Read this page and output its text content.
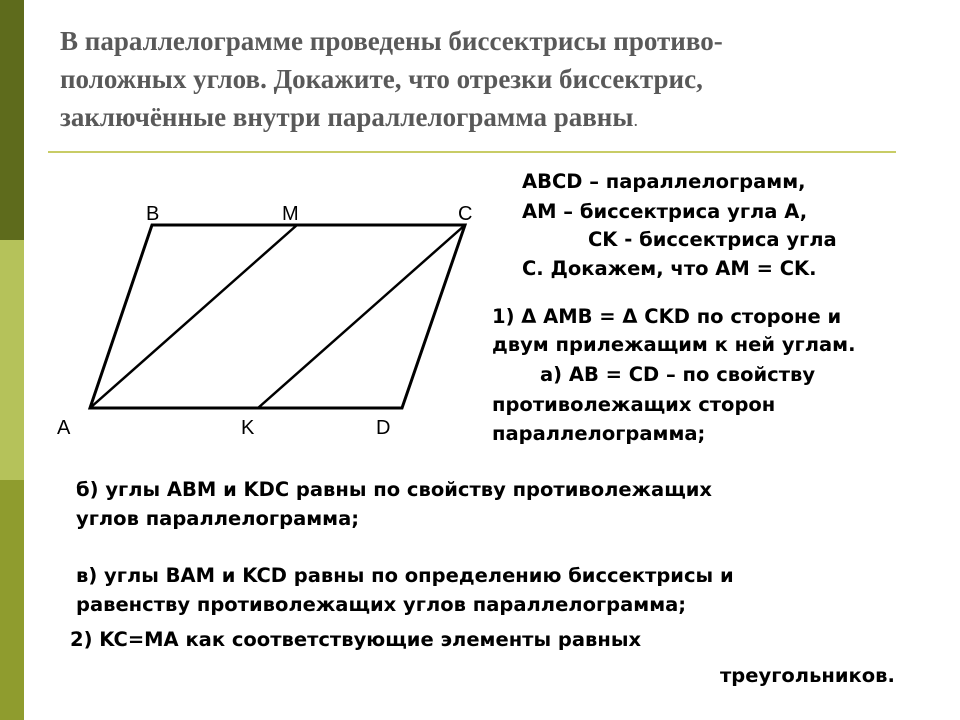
В параллелограмме проведены биссектрисы противо-
положных углов. Докажите, что отрезки биссектрис,
заключённые внутри параллелограмма равны.
B	M	C
A	K	D

ABCD – параллелограмм,

AM – биссектриса угла A,

CK - биссектриса угла

C. Докажем, что AM = CK.

1) Δ AMB = Δ CKD по стороне и

двум прилежащим к ней углам.

а) AB = CD – по свойству

противолежащих сторон

параллелограмма;

б) углы ABM и KDC равны по свойству противолежащих

углов параллелограмма;

в) углы BAM и KCD равны по определению биссектрисы и

равенству противолежащих углов параллелограмма;

2) KC=MA как соответствующие элементы равных

треугольников.
